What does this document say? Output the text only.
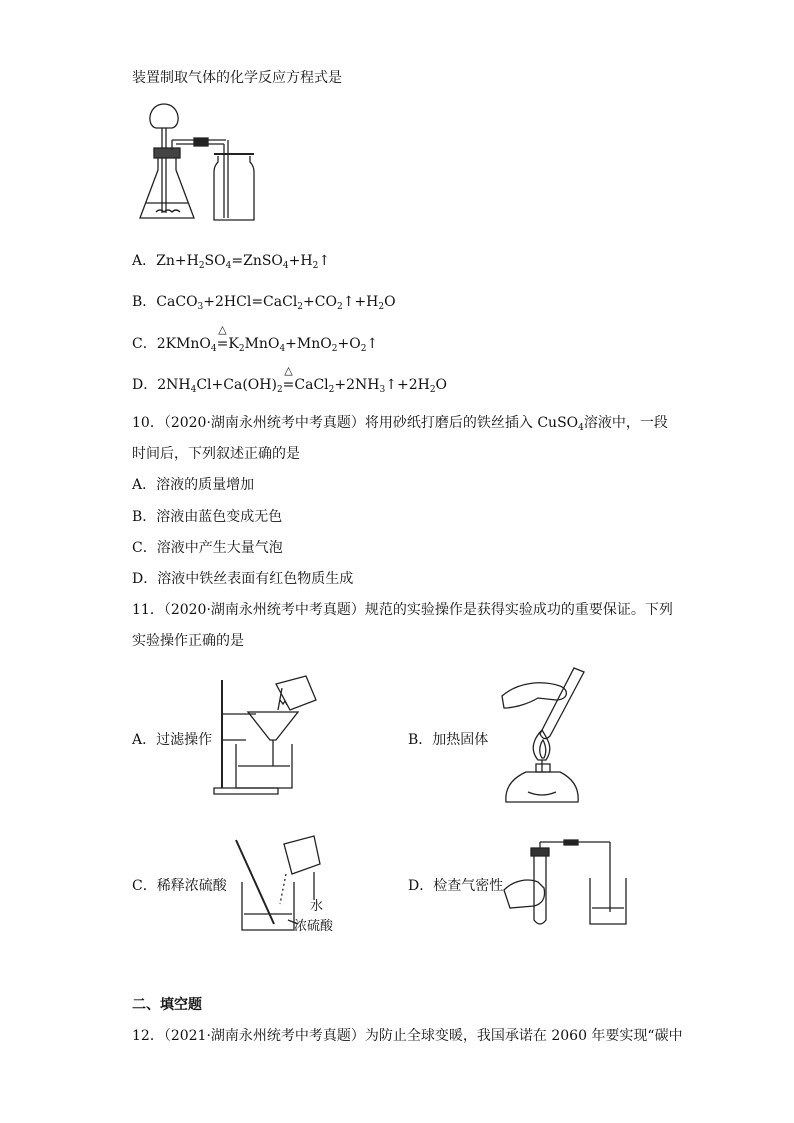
装置制取气体的化学反应方程式是
A．$Zn+H_2SO_4=ZnSO_4+H_2↑$
B．$CaCO_3+2HCl=CaCl_2+CO_2↑+H_2O$
C．2KMnO$_4$
△
$=K_2MnO_4+MnO_2+O_2↑$
D．$2NH_4Cl+Ca(OH)_2$
△
$=CaCl_2+2NH_3↑+2H_2O$
10．（2020·湖南永州统考中考真题）将用砂纸打磨后的铁丝插入 CuSO$_4$溶液中，一段
时间后，下列叙述正确的是
A．溶液的质量增加
B．溶液由蓝色变成无色
C．溶液中产生大量气泡
D．溶液中铁丝表面有红色物质生成
11．（2020·湖南永州统考中考真题）规范的实验操作是获得实验成功的重要保证。下列
实验操作正确的是
A．过滤操作	B．加热固体
C．稀释浓硫酸
水
浓硫酸
D．检查气密性
二、填空题
12．（2021·湖南永州统考中考真题）为防止全球变暖，我国承诺在 2060 年要实现“碳中
